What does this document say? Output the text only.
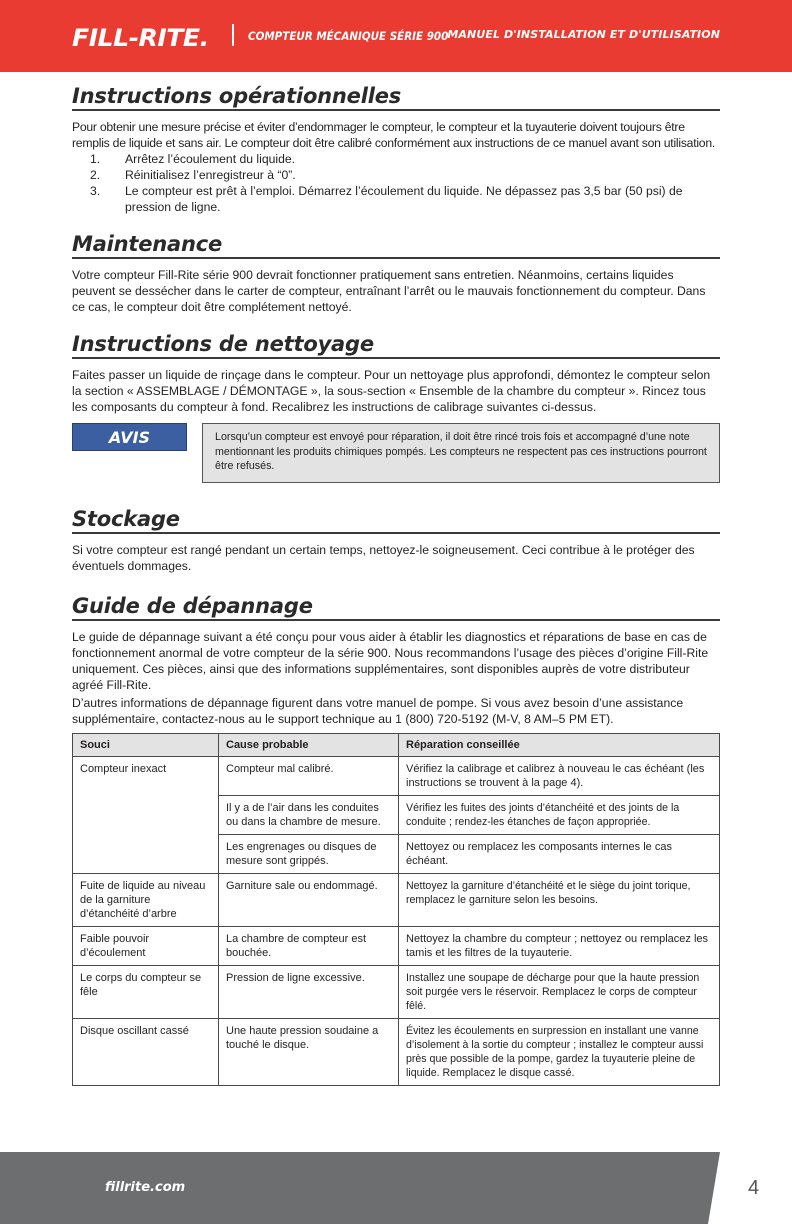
FILL-RITE.	COMPTEUR MÉCANIQUE SÉRIE 900 MANUEL D'INSTALLATION ET D'UTILISATION
Instructions opérationnelles

Pour obtenir une mesure précise et éviter d’endommager le compteur, le compteur et la tuyauterie doivent toujours être remplis de liquide et sans air. Le compteur doit être calibré conformément aux instructions de ce manuel avant son utilisation.

1. Arrêtez l’écoulement du liquide.
2. Réinitialisez l’enregistreur à “0”.
3. Le compteur est prêt à l’emploi. Démarrez l’écoulement du liquide. Ne dépassez pas 3,5 bar (50 psi) de pression de ligne.
Maintenance

Votre compteur Fill-Rite série 900 devrait fonctionner pratiquement sans entretien. Néanmoins, certains liquides peuvent se dessécher dans le carter de compteur, entraînant l’arrêt ou le mauvais fonctionnement du compteur. Dans ce cas, le compteur doit être complétement nettoyé.

Instructions de nettoyage

Faites passer un liquide de rinçage dans le compteur. Pour un nettoyage plus approfondi, démontez le compteur selon la section « ASSEMBLAGE / DÉMONTAGE », la sous-section « Ensemble de la chambre du compteur ». Rincez tous les composants du compteur à fond. Recalibrez les instructions de calibrage suivantes ci-dessus.

AVIS	Lorsqu’un compteur est envoyé pour réparation, il doit être rincé trois fois et accompagné d’une note mentionnant les produits chimiques pompés. Les compteurs ne respectent pas ces instructions pourront être refusés.
Stockage

Si votre compteur est rangé pendant un certain temps, nettoyez-le soigneusement. Ceci contribue à le protéger des éventuels dommages.

Guide de dépannage

Le guide de dépannage suivant a été conçu pour vous aider à établir les diagnostics et réparations de base en cas de fonctionnement anormal de votre compteur de la série 900. Nous recommandons l’usage des pièces d’origine Fill-Rite uniquement. Ces pièces, ainsi que des informations supplémentaires, sont disponibles auprès de votre distributeur agréé Fill-Rite.

D’autres informations de dépannage figurent dans votre manuel de pompe. Si vous avez besoin d’une assistance supplémentaire, contactez-nous au le support technique au 1 (800) 720-5192 (M-V, 8 AM–5 PM ET).

Souci	Cause probable	Réparation conseillée
Compteur inexact	Compteur mal calibré.	Vérifiez la calibrage et calibrez à nouveau le cas échéant (les instructions se trouvent à la page 4).
	Il y a de l’air dans les conduites ou dans la chambre de mesure.	Vérifiez les fuites des joints d’étanchéité et des joints de la conduite ; rendez-les étanches de façon appropriée.
	Les engrenages ou disques de mesure sont grippés.	Nettoyez ou remplacez les composants internes le cas échéant.
Fuite de liquide au niveau de la garniture d’étanchéité d’arbre	Garniture sale ou endommagé.	Nettoyez la garniture d’étanchéité et le siège du joint torique, remplacez le garniture selon les besoins.
Faible pouvoir d’écoulement	La chambre de compteur est bouchée.	Nettoyez la chambre du compteur ; nettoyez ou remplacez les tamis et les filtres de la tuyauterie.
Le corps du compteur se fêle	Pression de ligne excessive.	Installez une soupape de décharge pour que la haute pression soit purgée vers le réservoir. Remplacez le corps de compteur fêlé.
Disque oscillant cassé	Une haute pression soudaine a touché le disque.	Évitez les écoulements en surpression en installant une vanne d’isolement à la sortie du compteur ; installez le compteur aussi près que possible de la pompe, gardez la tuyauterie pleine de liquide. Remplacez le disque cassé.
fillrite.com	4
